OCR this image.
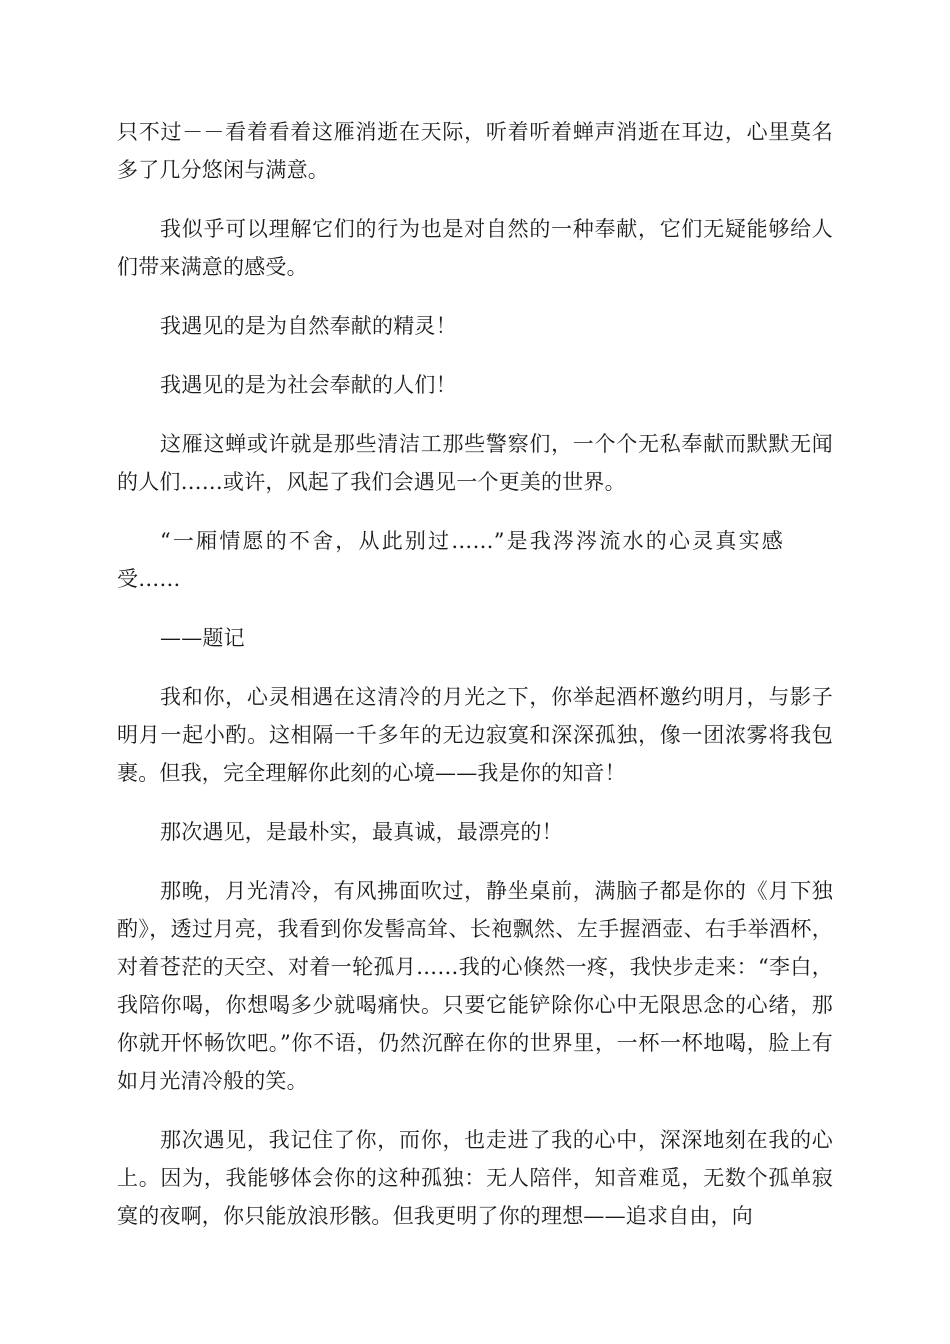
只不过－－看着看着这雁消逝在天际，听着听着蝉声消逝在耳边，心里莫名多了几分悠闲与满意。

我似乎可以理解它们的行为也是对自然的一种奉献，它们无疑能够给人们带来满意的感受。

我遇见的是为自然奉献的精灵！

我遇见的是为社会奉献的人们！

这雁这蝉或许就是那些清洁工那些警察们，一个个无私奉献而默默无闻的人们……或许，风起了我们会遇见一个更美的世界。

“一厢情愿的不舍，从此别过……”是我涔涔流水的心灵真实感受……

——题记

我和你，心灵相遇在这清冷的月光之下，你举起酒杯邀约明月，与影子明月一起小酌。这相隔一千多年的无边寂寞和深深孤独，像一团浓雾将我包裹。但我，完全理解你此刻的心境——我是你的知音！

那次遇见，是最朴实，最真诚，最漂亮的！

那晚，月光清冷，有风拂面吹过，静坐桌前，满脑子都是你的《月下独酌》，透过月亮，我看到你发髻高耸、长袍飘然、左手握酒壶、右手举酒杯，对着苍茫的天空、对着一轮孤月……我的心倏然一疼，我快步走来：“李白，我陪你喝，你想喝多少就喝痛快。只要它能铲除你心中无限思念的心绪，那你就开怀畅饮吧。”你不语，仍然沉醉在你的世界里，一杯一杯地喝，脸上有如月光清冷般的笑。

那次遇见，我记住了你，而你，也走进了我的心中，深深地刻在我的心上。因为，我能够体会你的这种孤独：无人陪伴，知音难觅，无数个孤单寂寞的夜啊，你只能放浪形骸。但我更明了你的理想——追求自由，向
